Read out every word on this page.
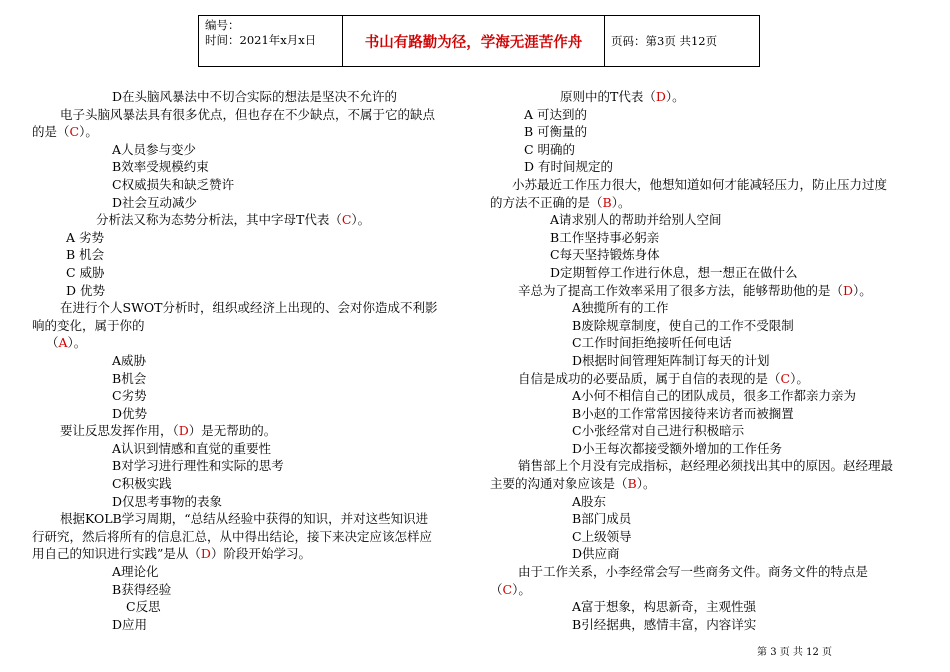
编号：
时间：2021年x月x日	书山有路勤为径，学海无涯苦作舟	页码：第3页 共12页
D 在头脑风暴法中不切合实际的想法是坚决不允许的
电子头脑风暴法具有很多优点，但也存在不少缺点，不属于它的缺点
的是（C）。
A 人员参与变少
B 效率受规模约束
C 权威损失和缺乏赞许
D 社会互动减少
分析法又称为态势分析法，其中字母T代表（C）。
A 劣势
B 机会
C 威胁
D 优势
在进行个人SWOT分析时，组织或经济上出现的、会对你造成不利影
响的变化，属于你的
（A）。
A 威胁
B 机会
C 劣势
D 优势
要让反思发挥作用，（D）是无帮助的。
A 认识到情感和直觉的重要性
B 对学习进行理性和实际的思考
C 积极实践
D 仅思考事物的表象
根据KOLB学习周期，“总结从经验中获得的知识，并对这些知识进
行研究，然后将所有的信息汇总，从中得出结论，接下来决定应该怎样应
用自己的知识进行实践”是从（D）阶段开始学习。
A 理论化
B 获得经验
C 反思
D 应用
原则中的T代表（D）。
A 可达到的
B 可衡量的
C 明确的
D 有时间规定的
小苏最近工作压力很大，他想知道如何才能减轻压力，防止压力过度
的方法不正确的是（B）。
A 请求别人的帮助并给别人空间
B 工作坚持事必躬亲
C 每天坚持锻炼身体
D 定期暂停工作进行休息，想一想正在做什么
辛总为了提高工作效率采用了很多方法，能够帮助他的是（D）。
A 独揽所有的工作
B 废除规章制度，使自己的工作不受限制
C 工作时间拒绝接听任何电话
D 根据时间管理矩阵制订每天的计划
自信是成功的必要品质，属于自信的表现的是（C）。
A 小何不相信自己的团队成员，很多工作都亲力亲为
B 小赵的工作常常因接待来访者而被搁置
C 小张经常对自己进行积极暗示
D 小王每次都接受额外增加的工作任务
销售部上个月没有完成指标，赵经理必须找出其中的原因。赵经理最
主要的沟通对象应该是（B）。
A 股东
B 部门成员
C 上级领导
D 供应商
由于工作关系，小李经常会写一些商务文件。商务文件的特点是
（C）。
A 富于想象，构思新奇，主观性强
B 引经据典，感情丰富，内容详实
第 3 页 共 12 页
